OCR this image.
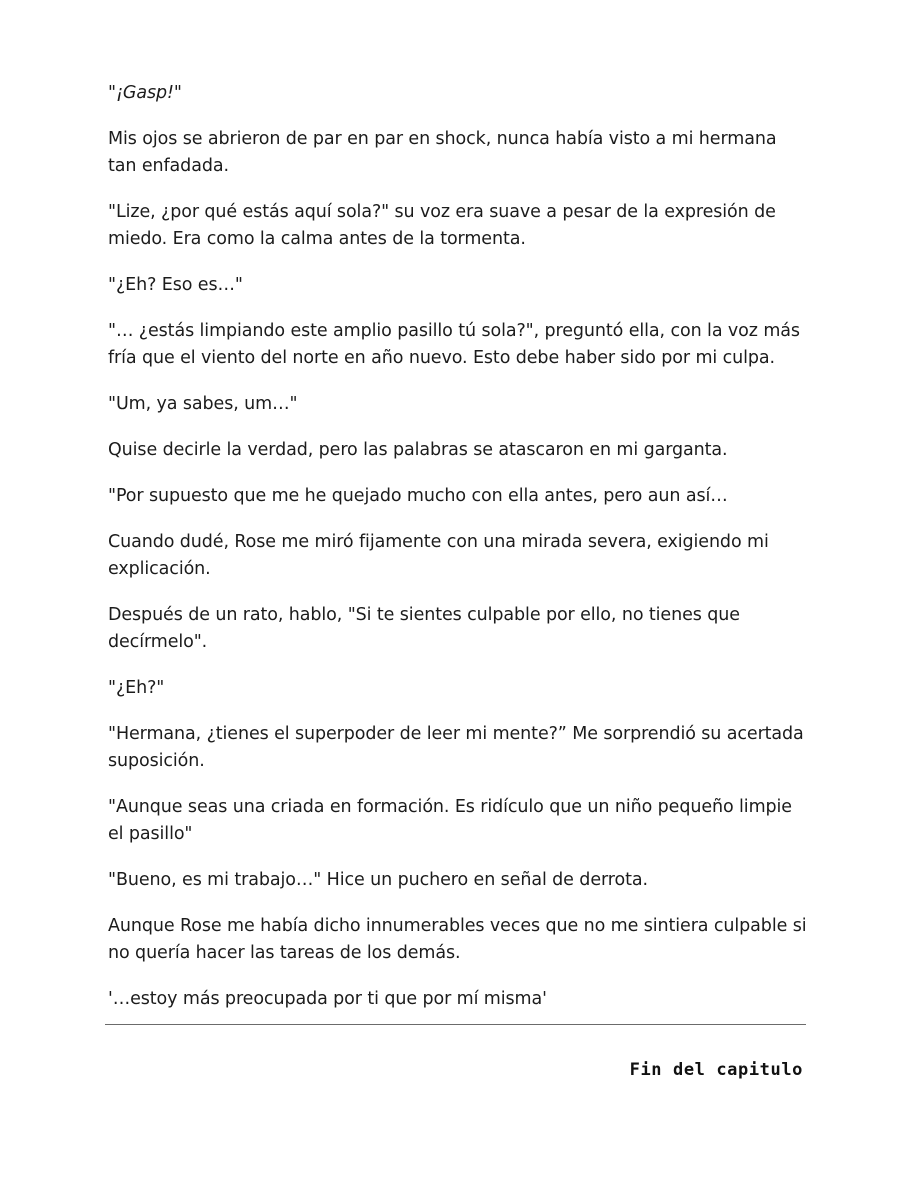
"¡Gasp!"

Mis ojos se abrieron de par en par en shock, nunca había visto a mi hermana tan enfadada.

"Lize, ¿por qué estás aquí sola?" su voz era suave a pesar de la expresión de miedo. Era como la calma antes de la tormenta.

"¿Eh? Eso es…"

"… ¿estás limpiando este amplio pasillo tú sola?", preguntó ella, con la voz más fría que el viento del norte en año nuevo. Esto debe haber sido por mi culpa.

"Um, ya sabes, um…"

Quise decirle la verdad, pero las palabras se atascaron en mi garganta.

"Por supuesto que me he quejado mucho con ella antes, pero aun así…

Cuando dudé, Rose me miró fijamente con una mirada severa, exigiendo mi explicación.

Después de un rato, hablo, "Si te sientes culpable por ello, no tienes que decírmelo".

"¿Eh?"

"Hermana, ¿tienes el superpoder de leer mi mente?” Me sorprendió su acertada suposición.

"Aunque seas una criada en formación. Es ridículo que un niño pequeño limpie el pasillo"

"Bueno, es mi trabajo…" Hice un puchero en señal de derrota.

Aunque Rose me había dicho innumerables veces que no me sintiera culpable si no quería hacer las tareas de los demás.

'…estoy más preocupada por ti que por mí misma'

Fin del capitulo
